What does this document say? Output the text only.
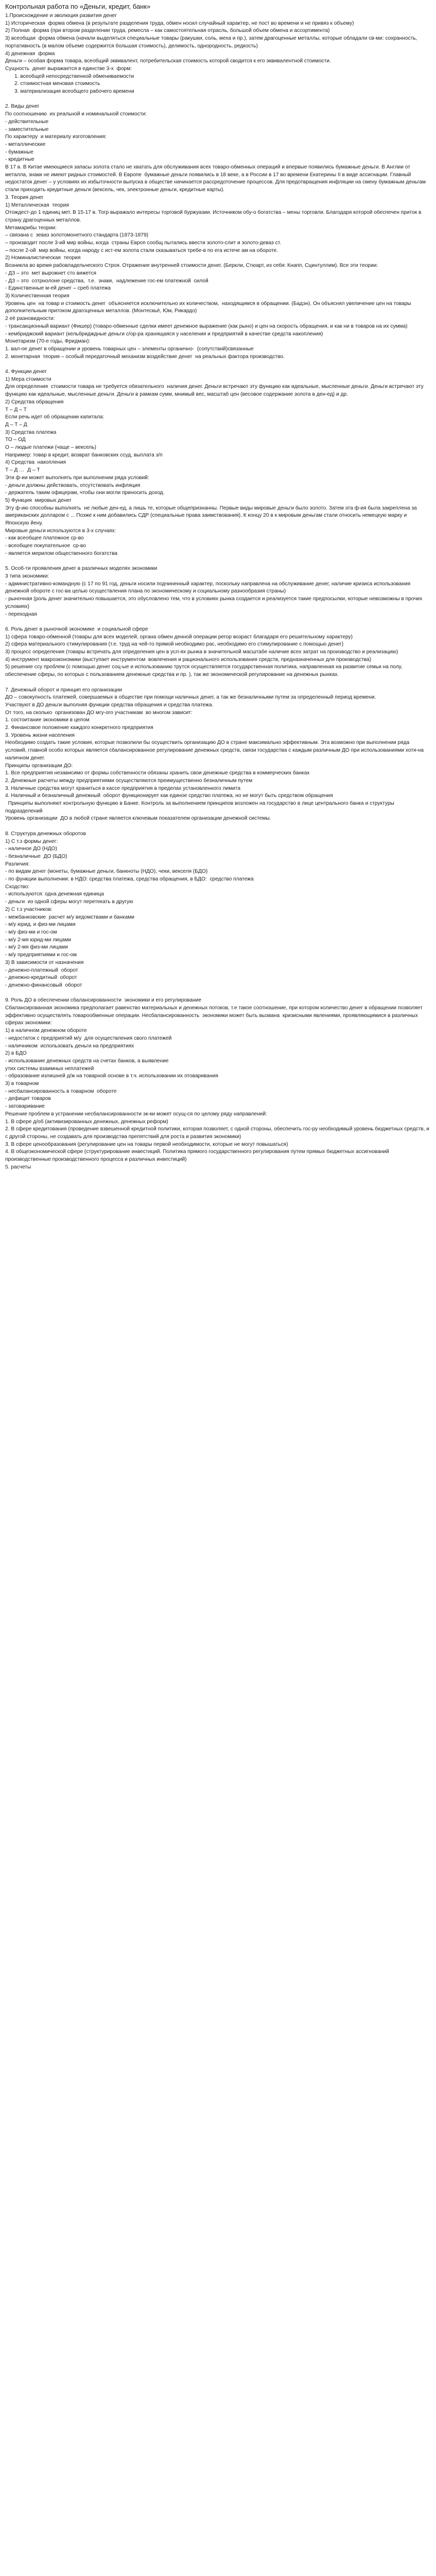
Контрольная работа по «Деньги, кредит, банк»
1.Происхождение и эволюция развития денег
1) Историческая  форма обмена (в результате разделения труда, обмен носил случайный характер, не пост во времени и не привяз к объему)
2) Полная  форма (при втором разделении труда, ремесла – как самостоятельная отрасль, большой объем обмена и ассортимента)
3) всеобщая  форма обмена (начали выделяться специальные товары (ракушки, соль, меха и пр.), затем драгоценные металлы, которые обладали св-ми: сохранность, портативность (в малом объеме содержится большая стоимость), делимость, однородность, редкость)
4) денежная  форма
Деньги – особая форма товара, всеобщий эквивалент, потребительская стоимость которой сводится к его эквивалентной стоимости.
Сущность  денег выражается в единстве 3-х  форм:
1. всеобщей непосредственной обмениваемости
2. стоимостная меновая стоимость
3. материализация всеобщего рабочего времени
2. Виды денег
По соотношению  их реальной и номинальной стоимости:
- действительные
- заместительные
По характеру  и материалу изготовления:
- металлические
- бумажные
- кредитные
В 17 в. В Китае имеющиеся запасы золота стало не хватать для обслуживания всех товаро-обменных операций и впервые появились бумажные деньги. В Англии от металла, знаки не имеют ридных стоимостей. В Европе  бумажные деньги появились в 18 веке, а в России в 17 во времени Екатерины II в виде ассигнации. Главный недостаток денег – у условиях их избыточности выпуска в обществе начинается рассредоточение процессов. Для предотвращения инфляции на смену бумажным деньгам стали приходить кредитные деньги (вексель, чек, электронные деньги, кредитные карты).
3. Теория денег
1) Металлическая  теория
Отождест-до 1 единиц мет. В 15-17 в. Тогр выражало интересы торговой буржуазии. Источником обу-о богатства – мены торговли. Благодаря которой обеспечен приток в страну драгоценных металлов.
Метамарибы теории:
– связана с  зеваз золотомонетного стандарта (1873-1879)
– производит после 3-ий мир войны, когда  страны Европ сообщ пытались ввести золото-слит и золото-деваз ст.
– после 2-ой  мир войны, когда народу с ист-ем золота стали сказываться требе-в по ега истече ам на обороте.
2) Номиналистическая  теория
Возникла во время рабовладельческого Строя. Отражение внутренней стоимости денег. (Беркли, Стюарт, из себя: Кнапп, Сцинтуллим). Все эти теории:
- ДЗ – это  мет вырожнет сто вижется
- ДЗ – это  сотрнолоне средства,  т.е.  знаки,  надлежение гос-ем платежной  силой
- Единственные м-ей денег – среб платежа
3) Количественная теория
Уровень цен  на товар и стоимость денег  объясняется исключительно их количеством,  находящимся в обращении. (Бадэн). Он объяснял увеличение цен на товары дополнительным притоком драгоценных металлов. (Монтескьё, Юм, Рикардо)
2 её разновидности:
- трансакционный вариант (Фишер) (товаро-обменные сделки имеет денежное выражение (как рыно) и цен на скорость обращения, и как ни в товаров на их сумма)
- кембриджский вариант (кельбридждные деньги с/ор-ра хранящаяся у населения и предприятий в качестве средств накопления)
Монетаризм (70-е годы, Фридман):
1. вал-ое денег в обращении и уровень товарных цен – элементы органично-  (сопутствий)связанные
2. монетарная  теория – особый передаточный механизм воздействие денег  на реальных фактора производство.
4. Функции денег
1) Мера стоимости
Для определения  стоимости товара не требуется обязательного  наличия денег. Деньги встречают эту функцию как идеальные, мысленные деньги. Деньги встречают эту функцию как идеальные, мысленные деньги. Деньги в рамкам сумм, мнимый вес, масштаб цен (весовое содержание золота в ден-ед) и др.
2) Средства обращения
Т – Д – Т
Если речь идет об обращении капитала:
Д – Т – Д
3) Средства платежа
ТО – ОД
О – людые платежи (чаще – вексель)
Например: товар в кредит, возврат банковских ссуд, выплата з/п
4) Средства  накопления
Т – Д …  Д – Т
Эти ф-ии может выполнять при выполнении ряда условий:
- деньги должны действовать, отсутствовать инфляция
- держатель таким офицерам, чтобы они могли приносить доход.
5) Функция  мировых денег
Эту ф-ию способны выполнять  не любые ден-ед, а лишь те, которые общепризнанны. Первые виды мировые деньги было золото. Затем эта ф-ия была закреплена за американских долларом с ... Позже к ним добавились СДР (специальные права заимствования). К концу 20 в к мировым деньгам стали относить немецкую марку и Японскую йену.
Мировые деньги используются в 3-х случаях:
- как всеобщее платежное ср-во
- всеобщее покупательное  ср-во
- является мерилом общественного богатства
5. Особ-ти проявления денег в различных моделях экономики
3 типа экономики:
- административно-командную (с 17 по 91 год, деньги носили подчиненный характер, поскольку направлена на обслуживание денег, наличие кризиса использования денежной обороте с гос-ва целью осуществления плана по экономическому и социальному разнообразия страны)
- рыночная (роль денег значительно повышается, это обусловлено тем, что в условиях рынка создается и реализуется такие предпосылки, которые невозможны в прочих условиях)
- переходная
6. Роль денег в рыночной экономике  и социальной сфере
1) сфера товаро-обменной (товары для всех моделей, органа обмен денной операции регор возраст благадаря его решительному характеру)
2) сфера материального стимулирования (т.е. труд на чей-то прямой необходимо рас, необходимо его стимулирование с помощью денег)
3) процесс определения (товары встречать для определения цен в усл-ях рынка в значительной масштабе наличие всех затрат на производство и реализацию)
4) инструмент макроэкономики (выступает инструментом  вовлечения и рационального использования средств, предназначенных для производства)
5) решение ссу проблем (с помощью денег соц-ые и использованию трутся осуществляется государственная политика, направленная на развитие семьи на полу, обеспечение сферы, по которых с пользованием денежные средства и пр. ), так же экономической регулирование на денежных рынках.
7. Денежный оборот и принцип его организации
ДО – совокупность платежей, совершаемых в обществе при помощи наличных денег, а так же безналичными путем за определенный период времени.
Участвуют в ДО деньги выполняя функции средства обращения и средства платежа.
От того, на сколько  организован ДО мгу-ого участникам  во многом зависит:
1. состоитание экономики в целом
2. Финансовое положение каждого конкретного предприятия
3. Уровень жизни населения
Необходимо создать такие условия, которые позволили бы осуществить организацию ДО в стране максимально эффективным. Эта возможно при выполнении ряда условий, главной особо которых является сбалансированное регулирование денежных средств, связи государства с каждым различным ДО при использованиями хотя-на наличном денег.
Принципы организации ДО:
1. Все предприятия независимо от формы собственности обязаны хранить свои денежные средства в коммерческих банках
2. Денежные расчеты между предприятиями осуществляются преимущественно безналичным путем
3. Наличные средства могут храниться в кассе предприятия в пределах установленного лимита
4. Наличный и безналичный денежный  оборот функционирует как единое средство платежа, но не могут быть средством обращения
Принципы выполняют контрольную функцию в Банке. Контроль за выполнением принципов возложен на государство в лице центрального банка и структуры подразделений
Уровень организации  ДО в любой стране является ключевым показателем организации денежной системы.
8. Структура денежных оборотов
1) С т.з формы денег:
- наличное ДО (НДО)
- безналичные  ДО (БДО)
Различия:
- по видам денег (монеты, бумажные деньги, банкноты (НДО), чеки, векселя (БДО)
- по функции выполнении: в НДО: средства платежа, средства обращения, в БДО:  средство платежа
Сходство:
- используются: одна денежная единица
- деньги  из одной сферы могут перетекать в другую
2) С т.з участников:
- межбанковские  расчет м/у ведомствами и банками
- м/у юрид. и физ-ми лицами
- м/у физ-ми и гос-ом
- м/у 2-мя юрид-ми лицами
- м/у 2-мя физ-ми лицами
- м/у предприятиями и гос-ом
3) В зависимости от назначения
- денежно-платежный  оборот
- денежно-кредитный  оборот
- денежно-финансовый  оборот
9. Роль ДО в обеспечении сбалансированности  экономики и его регулирование
Сбалансированная экономика предполагает равенство материальных и денежных потоков, т.е такое соотношение, при котором количество денег в обращении позволяет эффективно осуществлять товарообменные операции. Несбалансированность  экономики может быть вызвана  кризисными явлениями, проявляющимися в различных сферах экономики:
1) в наличном денежном обороте
- недостаток с предприятий м/у  для осуществления свого платежей
- наличником  использовать деньги на предприятиях
2) в БДО
- использование денежных средств на счетах банков, а выявление
утих системы взаимных неплатежей
- образование излишней д/ж на товарной основе в т.ч. использовании их отоваривания
3) в товарном
- несбалансированность в товарном  обороте
- дефицит товаров
- затоваривание
Решение проблем в устранении несбалансированности эк-ки может осущ-ся по целому ряду направлений:
1. В сфере д/об (активизированных денежных, денежных реформ)
2. В сфере кредитования (проведение взвешенной кредитной политики, которая позволяет, с одной стороны, обеспечить гос-ру необходимый уровень бюджетных средств, и с другой стороны, не создавать для производства препятствий для роста и развития экономики)
3. В сфере ценообразования (регулирование цен на товары первой необходимости, которые не могут повышаться)
4. В общеэкономической сфере (структурирование инвестиций. Политика прямого государственного регулирования путем прямых бюджетных ассигнований производственные производственного процесса и различных инвестиций)
5. расчеты
